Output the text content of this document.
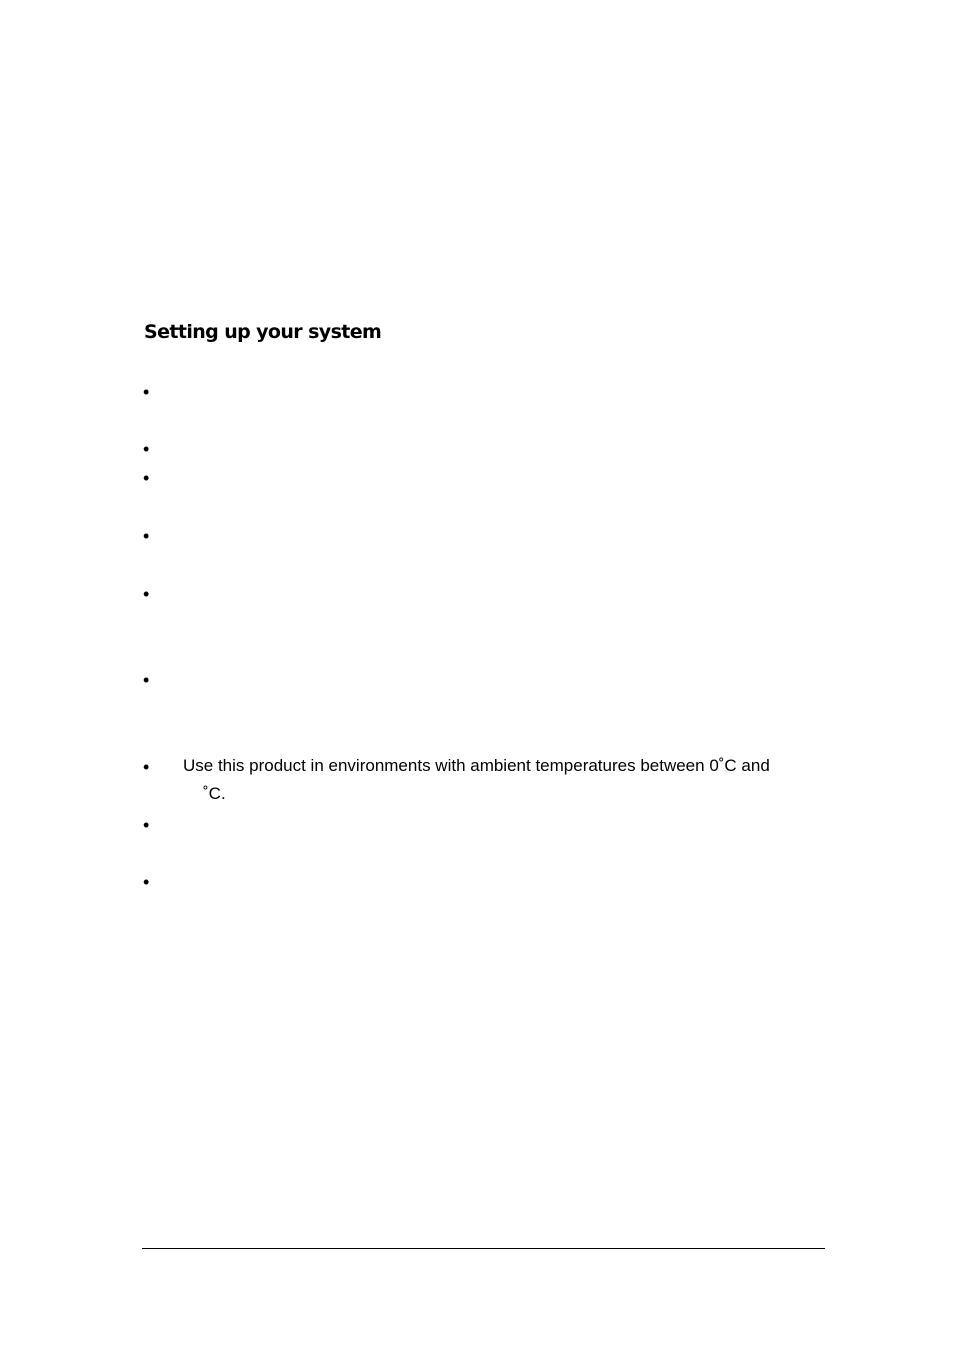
Setting up your system
•
•
•
•
•
•
•
•
•
Use this product in environments with ambient temperatures between 0˚C and
˚C.
